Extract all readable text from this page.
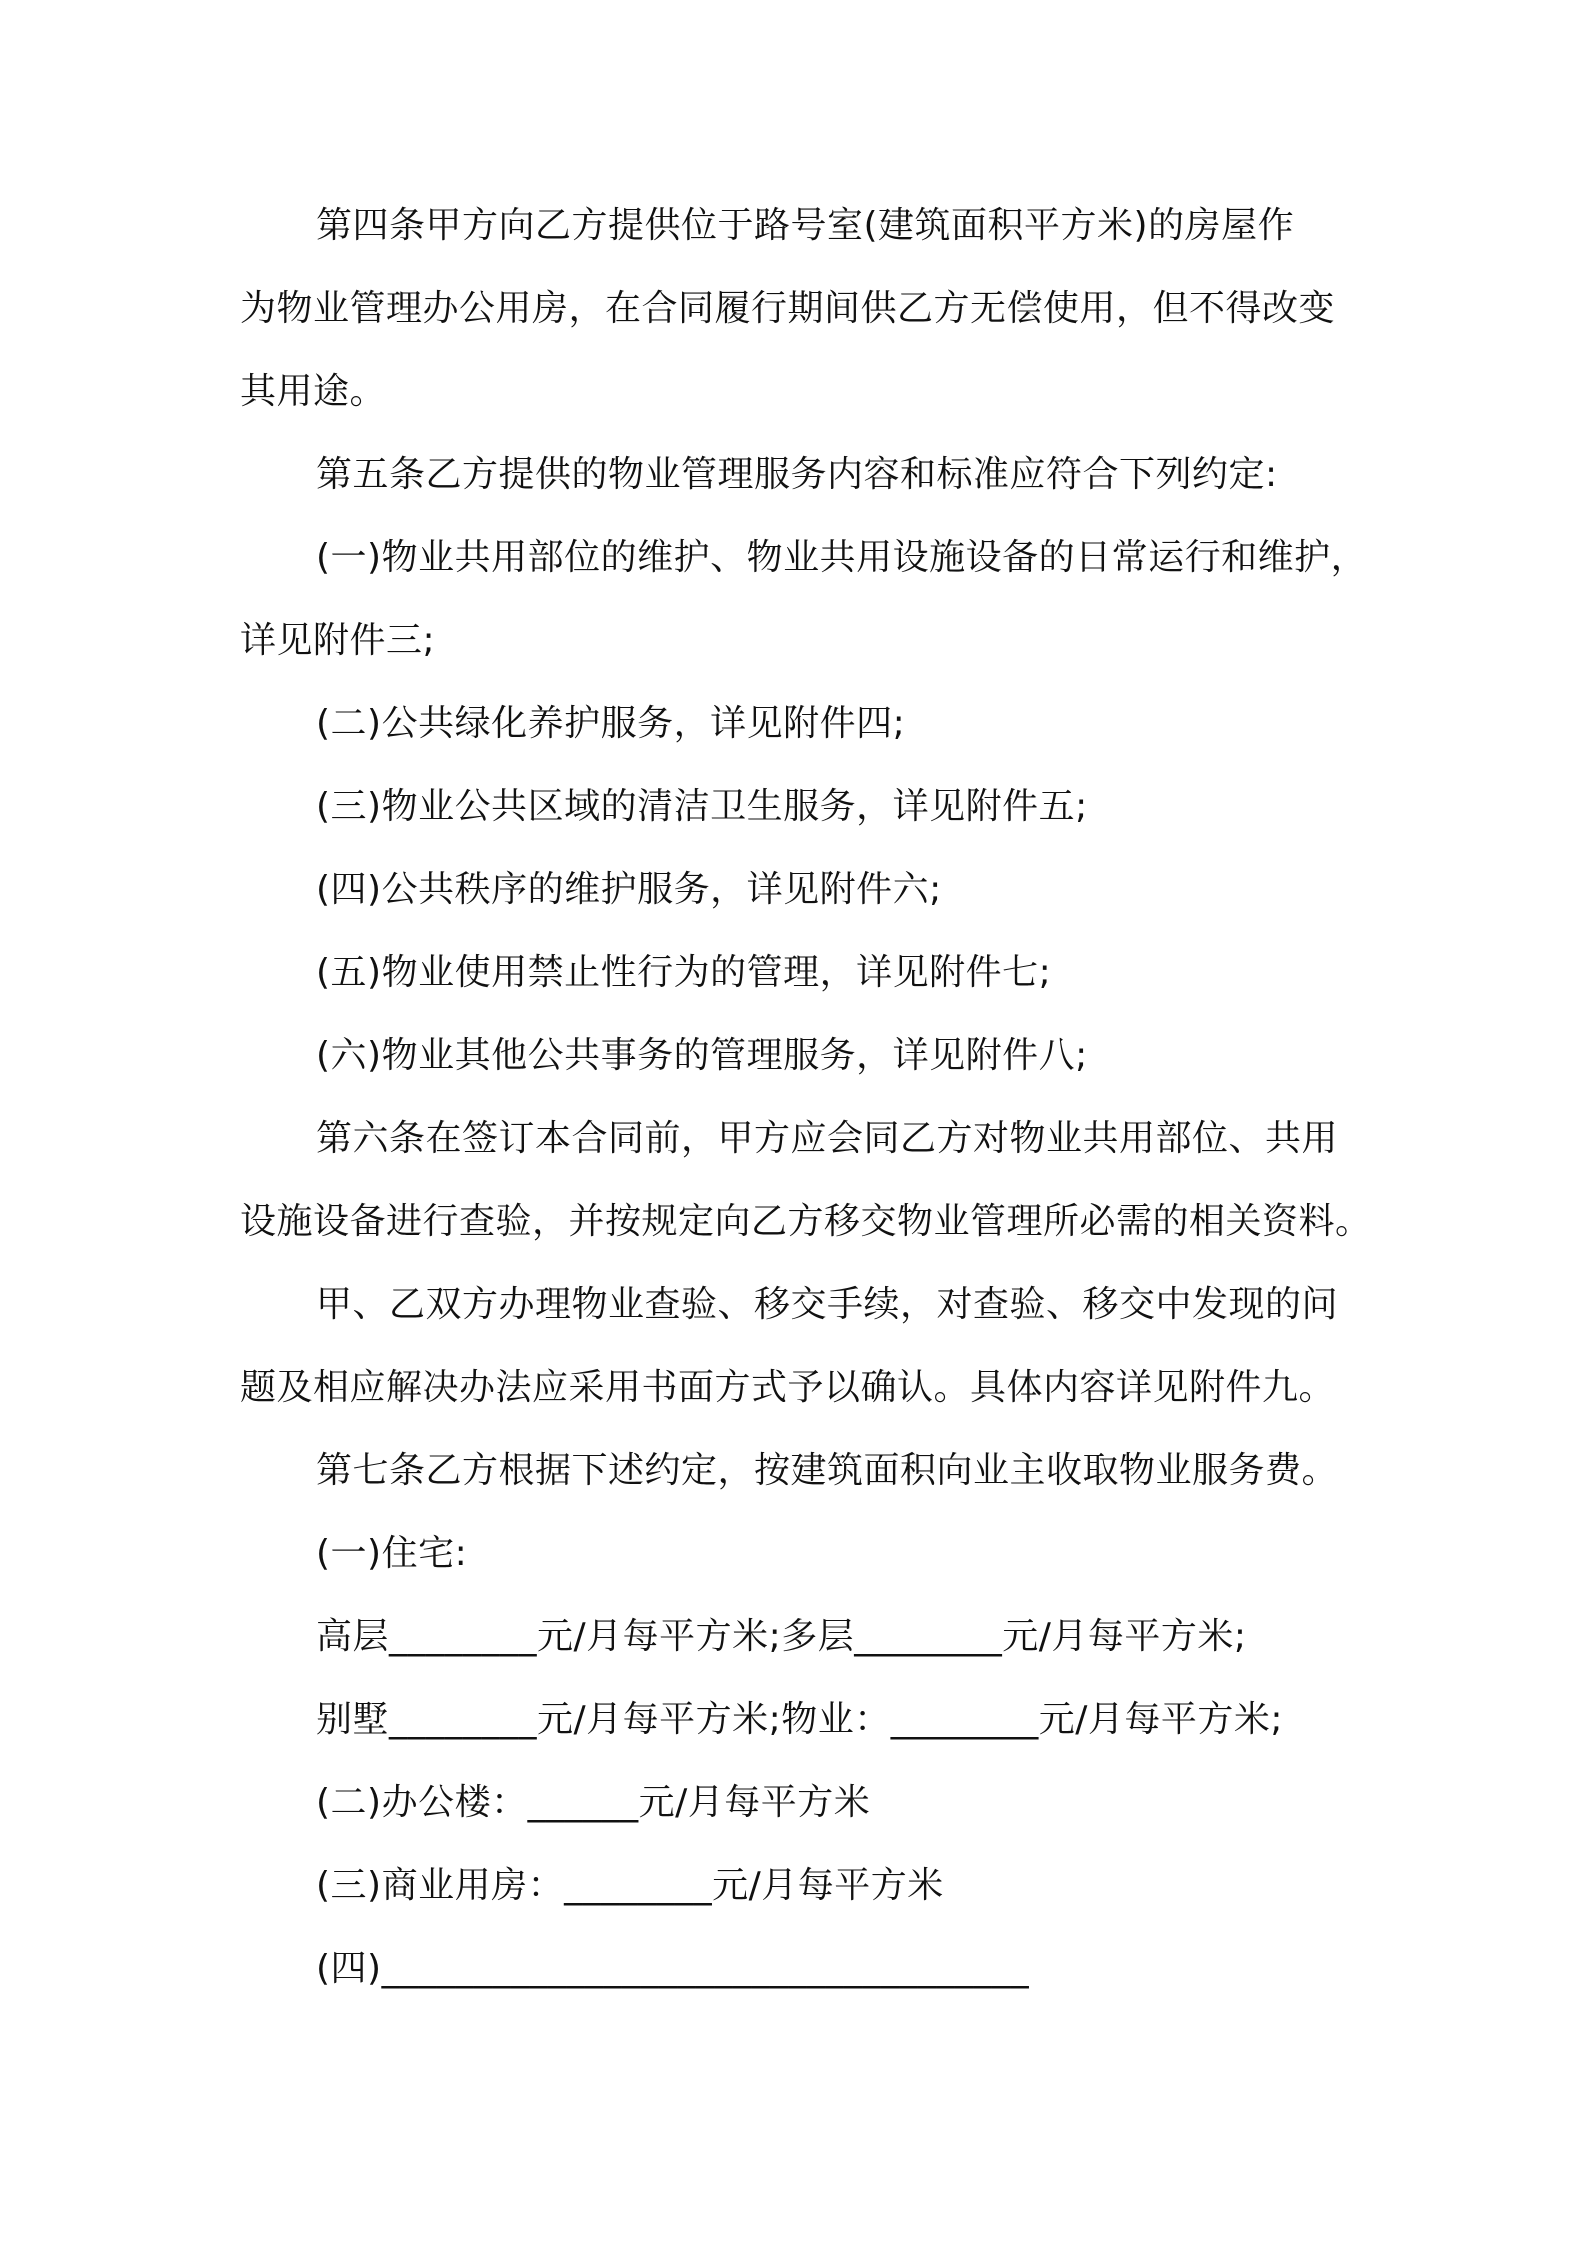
第四条甲方向乙方提供位于路号室(建筑面积平方米)的房屋作
为物业管理办公用房，在合同履行期间供乙方无偿使用，但不得改变
其用途。
第五条乙方提供的物业管理服务内容和标准应符合下列约定:
(一)物业共用部位的维护、物业共用设施设备的日常运行和维护，
详见附件三;
(二)公共绿化养护服务，详见附件四;
(三)物业公共区域的清洁卫生服务，详见附件五;
(四)公共秩序的维护服务，详见附件六;
(五)物业使用禁止性行为的管理，详见附件七;
(六)物业其他公共事务的管理服务，详见附件八;
第六条在签订本合同前，甲方应会同乙方对物业共用部位、共用
设施设备进行查验，并按规定向乙方移交物业管理所必需的相关资料。
甲、乙双方办理物业查验、移交手续，对查验、移交中发现的问
题及相应解决办法应采用书面方式予以确认。具体内容详见附件九。
第七条乙方根据下述约定，按建筑面积向业主收取物业服务费。
(一)住宅:
高层________元/月每平方米;多层________元/月每平方米;
别墅________元/月每平方米;物业：________元/月每平方米;
(二)办公楼：______元/月每平方米
(三)商业用房：________元/月每平方米
(四)___________________________________
